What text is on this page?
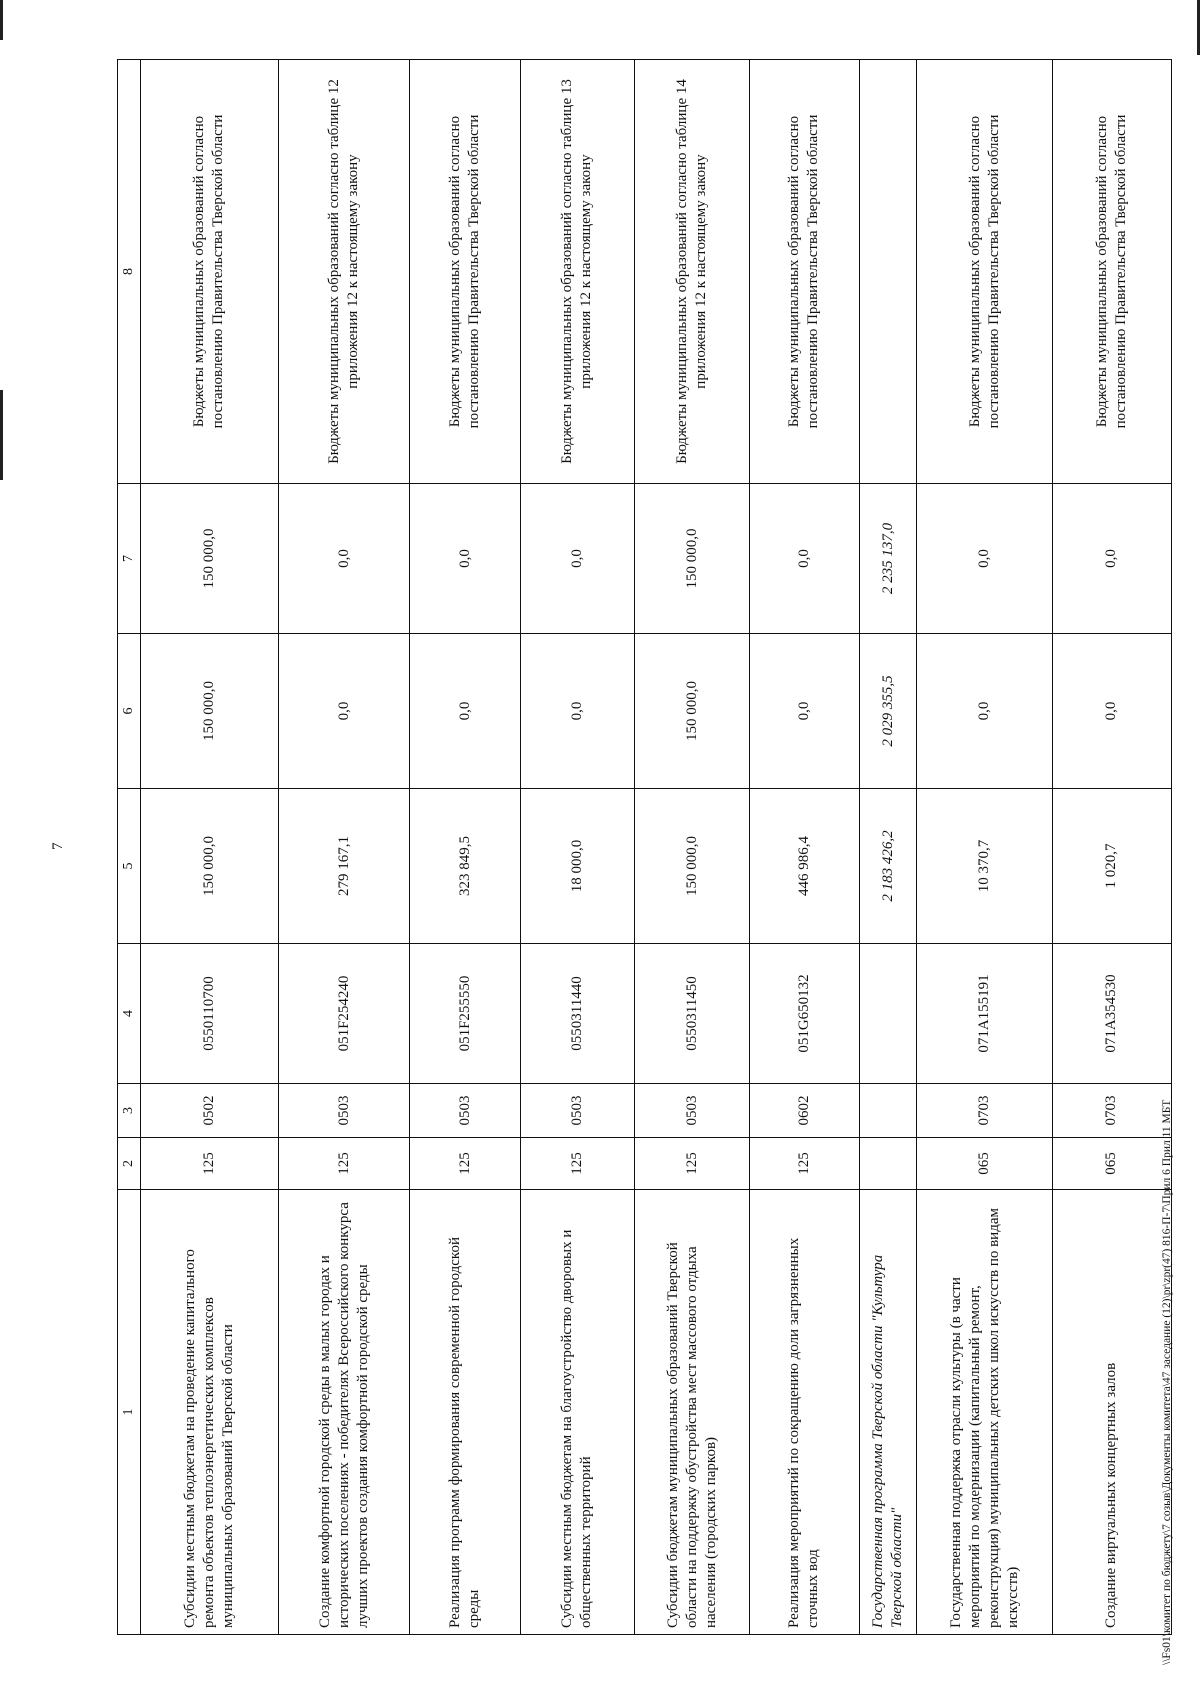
7
1	2	3	4	5	6	7	8
Субсидии местным бюджетам на проведение капитального ремонта объектов теплоэнергетических комплексов муниципальных образований Тверской области	125	0502	0550110700	150 000,0	150 000,0	150 000,0	Бюджеты муниципальных образований согласно постановлению Правительства Тверской области
Создание комфортной городской среды в малых городах и исторических поселениях - победителях Всероссийского конкурса лучших проектов создания комфортной городской среды	125	0503	051F254240	279 167,1	0,0	0,0	Бюджеты муниципальных образований согласно таблице 12 приложения 12 к настоящему закону
Реализация программ формирования современной городской среды	125	0503	051F255550	323 849,5	0,0	0,0	Бюджеты муниципальных образований согласно постановлению Правительства Тверской области
Субсидии местным бюджетам на благоустройство дворовых и общественных территорий	125	0503	0550311440	18 000,0	0,0	0,0	Бюджеты муниципальных образований согласно таблице 13 приложения 12 к настоящему закону
Субсидии бюджетам муниципальных образований Тверской области на поддержку обустройства мест массового отдыха населения (городских парков)	125	0503	0550311450	150 000,0	150 000,0	150 000,0	Бюджеты муниципальных образований согласно таблице 14 приложения 12 к настоящему закону
Реализация мероприятий по сокращению доли загрязненных сточных вод	125	0602	051G650132	446 986,4	0,0	0,0	Бюджеты муниципальных образований согласно постановлению Правительства Тверской области
Государственная программа Тверской области "Культура Тверской области"				2 183 426,2	2 029 355,5	2 235 137,0	
Государственная поддержка отрасли культуры (в части мероприятий по модернизации (капитальный ремонт, реконструкция) муниципальных детских школ искусств по видам искусств)	065	0703	071A155191	10 370,7	0,0	0,0	Бюджеты муниципальных образований согласно постановлению Правительства Тверской области
Создание виртуальных концертных залов	065	0703	071A354530	1 020,7	0,0	0,0	Бюджеты муниципальных образований согласно постановлению Правительства Тверской области
\\Fs01\комитет по бюджету\7 созыв\Документы комитета\47 заседание (12)\pr\zpr(47) 816-П-7\Прил 6 Прил 11 МБТ
